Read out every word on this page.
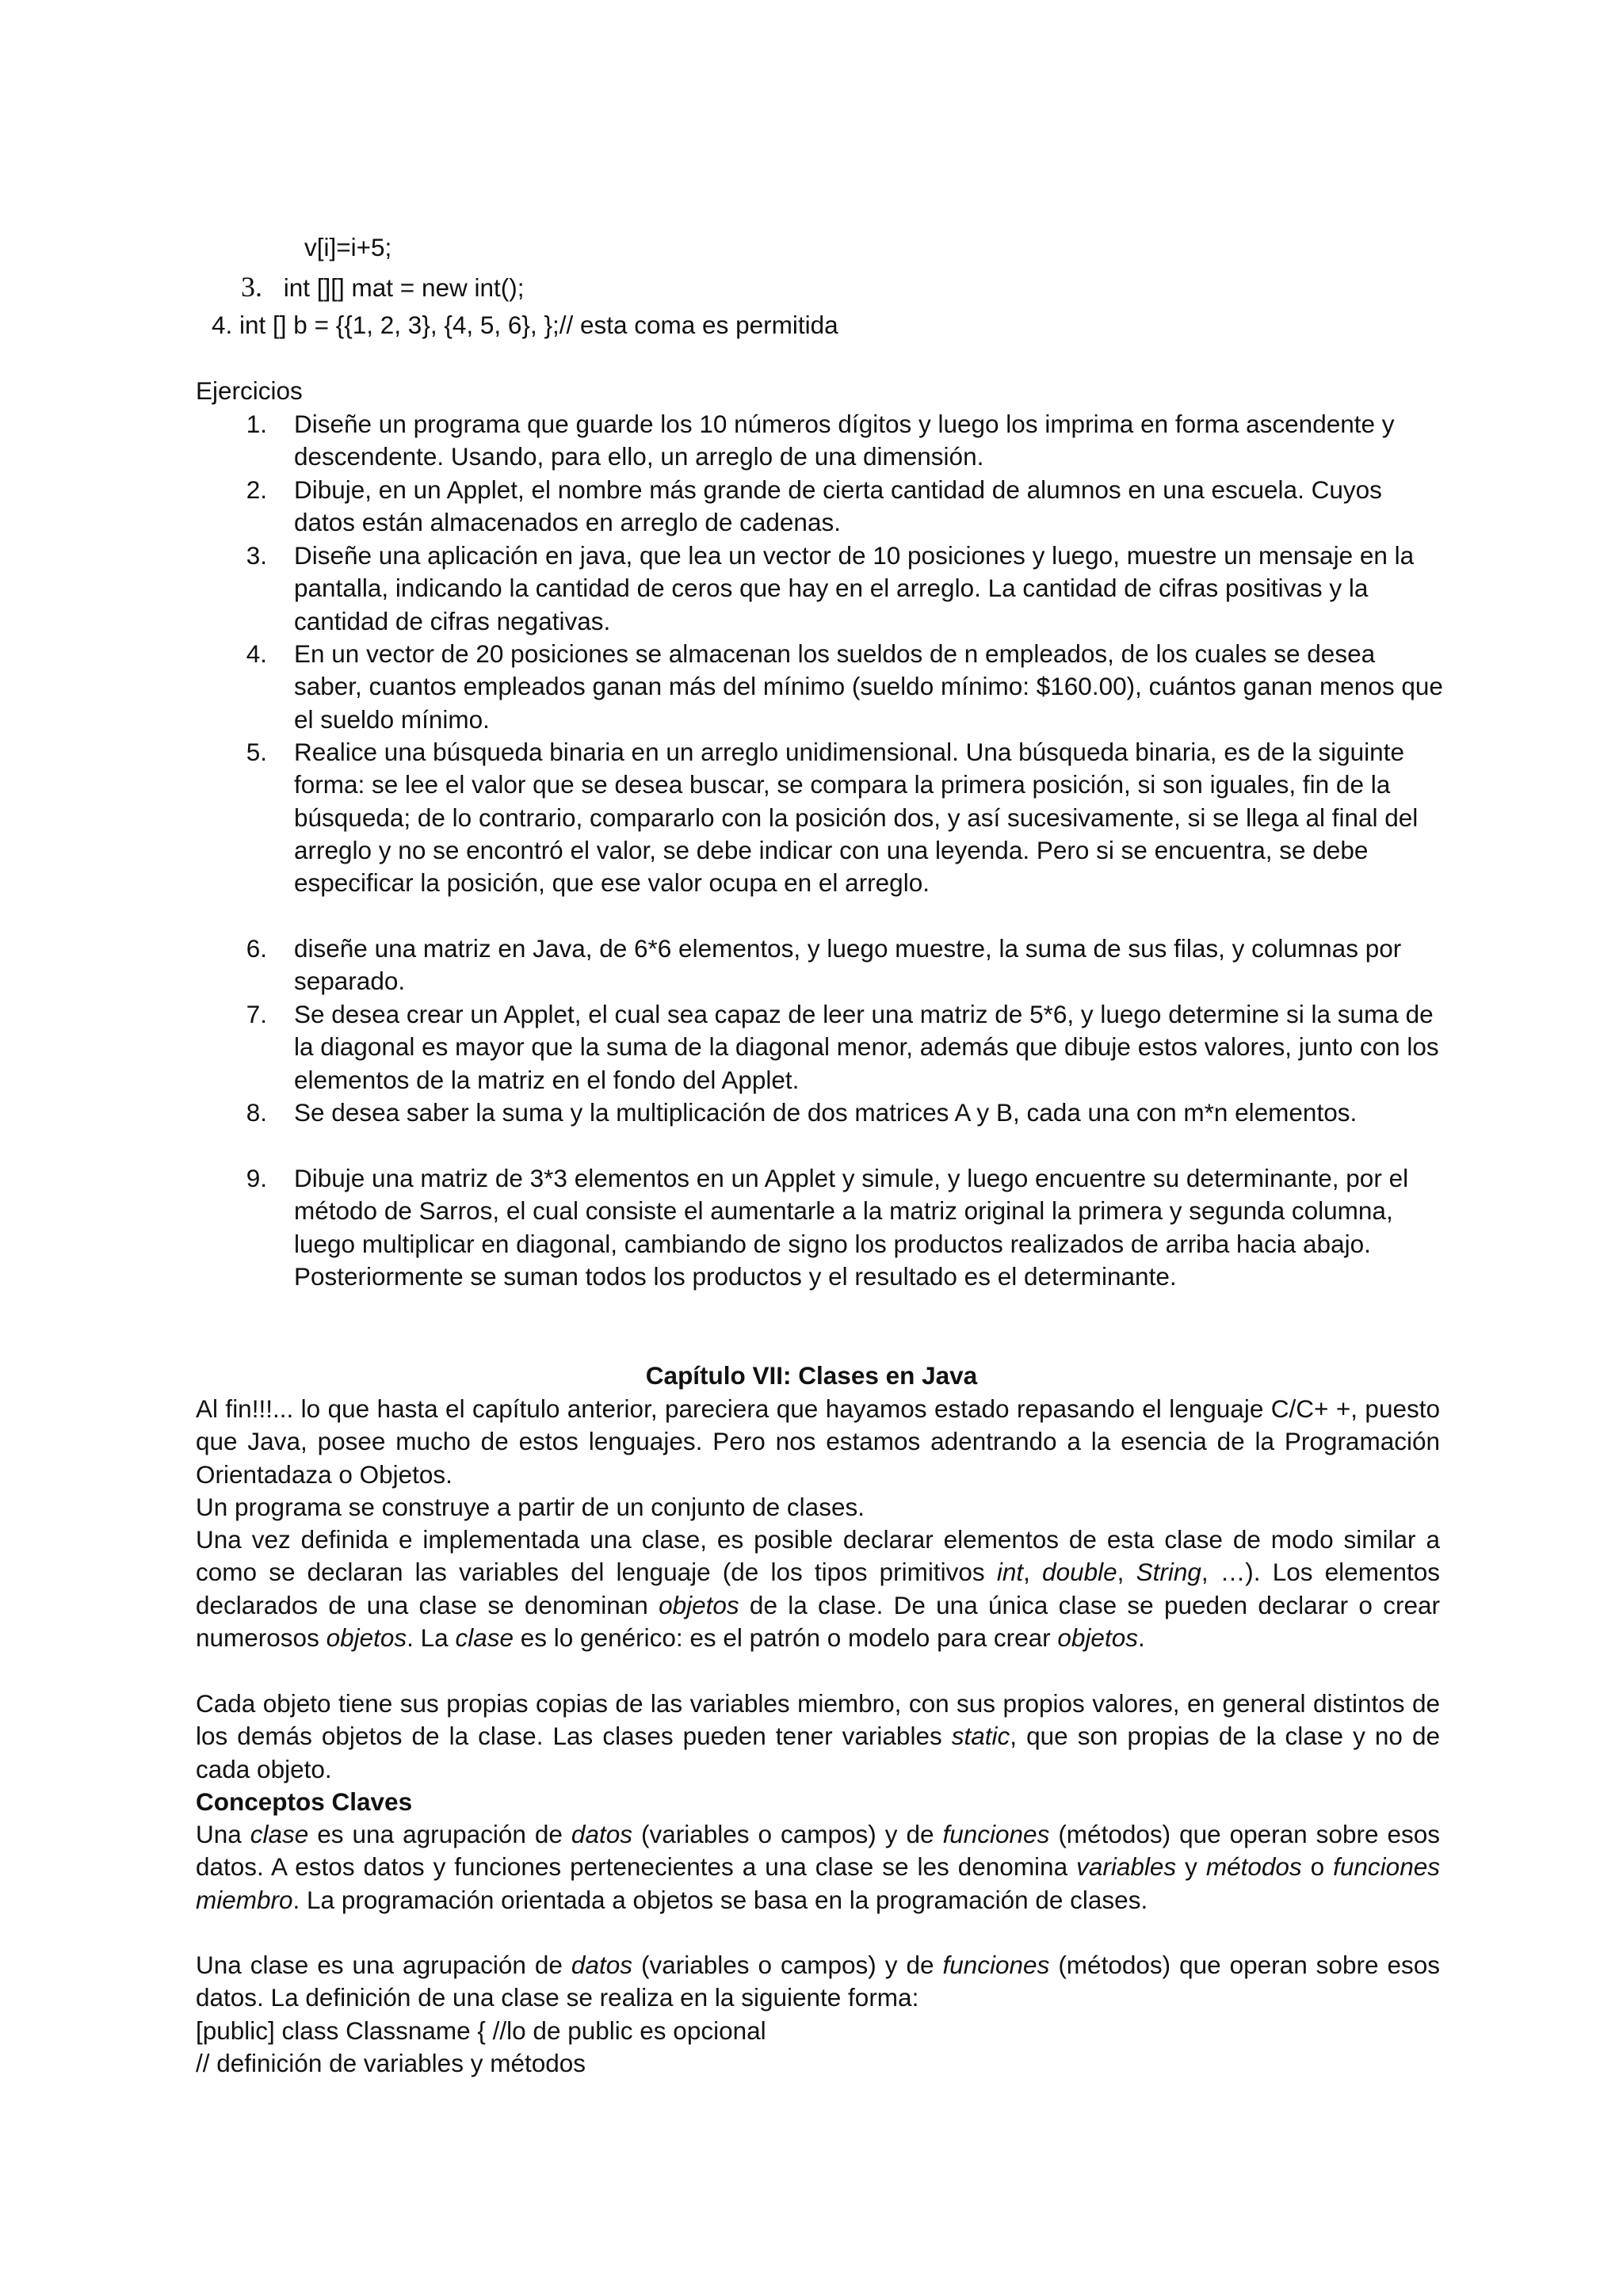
v[i]=i+5;
3. int [][] mat = new int();
4. int [] b = {{1, 2, 3}, {4, 5, 6}, };// esta coma es permitida
Ejercicios
1. Diseñe un programa que guarde los 10 números dígitos y luego los imprima en forma ascendente y descendente. Usando, para ello, un arreglo de una dimensión.
2. Dibuje, en un Applet, el nombre más grande de cierta cantidad de alumnos en una escuela. Cuyos datos están almacenados en arreglo de cadenas.
3. Diseñe una aplicación en java, que lea un vector de 10 posiciones y luego, muestre un mensaje en la pantalla, indicando la cantidad de ceros que hay en el arreglo. La cantidad de cifras positivas y la cantidad de cifras negativas.
4. En un vector de 20 posiciones se almacenan los sueldos de n empleados, de los cuales se desea saber, cuantos empleados ganan más del mínimo (sueldo mínimo: $160.00), cuántos ganan menos que el sueldo mínimo.
5. Realice una búsqueda binaria en un arreglo unidimensional. Una búsqueda binaria, es de la siguinte forma: se lee el valor que se desea buscar, se compara la primera posición, si son iguales, fin de la búsqueda; de lo contrario, compararlo con la posición dos, y así sucesivamente, si se llega al final del arreglo y no se encontró el valor, se debe indicar con una leyenda. Pero si se encuentra, se debe especificar la posición, que ese valor ocupa en el arreglo.
6. diseñe una matriz en Java, de 6*6 elementos, y luego muestre, la suma de sus filas, y columnas por separado.
7. Se desea crear un Applet, el cual sea capaz de leer una matriz de 5*6, y luego determine si la suma de la diagonal es mayor que la suma de la diagonal menor, además que dibuje estos valores, junto con los elementos de la matriz en el fondo del Applet.
8. Se desea saber la suma y la multiplicación de dos matrices A y B, cada una con m*n elementos.
9. Dibuje una matriz de 3*3 elementos en un Applet y simule, y luego encuentre su determinante, por el método de Sarros, el cual consiste el aumentarle a la matriz original la primera y segunda columna, luego multiplicar en diagonal, cambiando de signo los productos realizados de arriba hacia abajo. Posteriormente se suman todos los productos y el resultado es el determinante.
Capítulo VII: Clases en Java
Al fin!!!... lo que hasta el capítulo anterior, pareciera que hayamos estado repasando el lenguaje C/C+ +, puesto que Java, posee mucho de estos lenguajes. Pero nos estamos adentrando a la esencia de la Programación Orientadaza o Objetos.
Un programa se construye a partir de un conjunto de clases.
Una vez definida e implementada una clase, es posible declarar elementos de esta clase de modo similar a como se declaran las variables del lenguaje (de los tipos primitivos int, double, String, …). Los elementos declarados de una clase se denominan objetos de la clase. De una única clase se pueden declarar o crear numerosos objetos. La clase es lo genérico: es el patrón o modelo para crear objetos.
Cada objeto tiene sus propias copias de las variables miembro, con sus propios valores, en general distintos de los demás objetos de la clase. Las clases pueden tener variables static, que son propias de la clase y no de cada objeto.
Conceptos Claves
Una clase es una agrupación de datos (variables o campos) y de funciones (métodos) que operan sobre esos datos. A estos datos y funciones pertenecientes a una clase se les denomina variables y métodos o funciones miembro. La programación orientada a objetos se basa en la programación de clases.
Una clase es una agrupación de datos (variables o campos) y de funciones (métodos) que operan sobre esos datos. La definición de una clase se realiza en la siguiente forma:
[public] class Classname { //lo de public es opcional
// definición de variables y métodos
